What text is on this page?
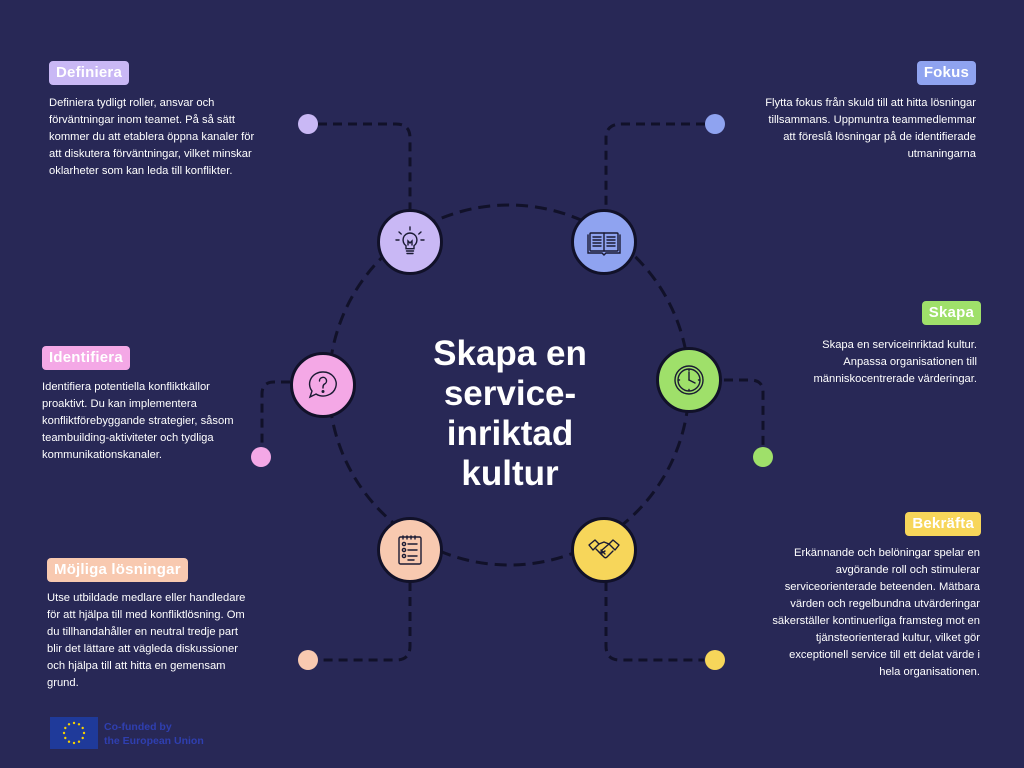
Skapa en
service-
inriktad
kultur
Definiera
Definiera tydligt roller, ansvar och förväntningar inom teamet. På så sätt kommer du att etablera öppna kanaler för att diskutera förväntningar, vilket minskar oklarheter som kan leda till konflikter.
Fokus
Flytta fokus från skuld till att hitta lösningar tillsammans. Uppmuntra teammedlemmar att föreslå lösningar på de identifierade utmaningarna
Skapa
Skapa en serviceinriktad kultur. Anpassa organisationen till människocentrerade värderingar.
Identifiera
Identifiera potentiella konfliktkällor proaktivt. Du kan implementera konfliktförebyggande strategier, såsom teambuilding-aktiviteter och tydliga kommunikationskanaler.
Bekräfta
Erkännande och belöningar spelar en avgörande roll och stimulerar serviceorienterade beteenden. Mätbara värden och regelbundna utvärderingar säkerställer kontinuerliga framsteg mot en tjänsteorienterad kultur, vilket gör exceptionell service till ett delat värde i hela organisationen.
Möjliga lösningar
Utse utbildade medlare eller handledare för att hjälpa till med konfliktlösning. Om du tillhandahåller en neutral tredje part blir det lättare att vägleda diskussioner och hjälpa till att hitta en gemensam grund.
Co-funded by
the European Union
